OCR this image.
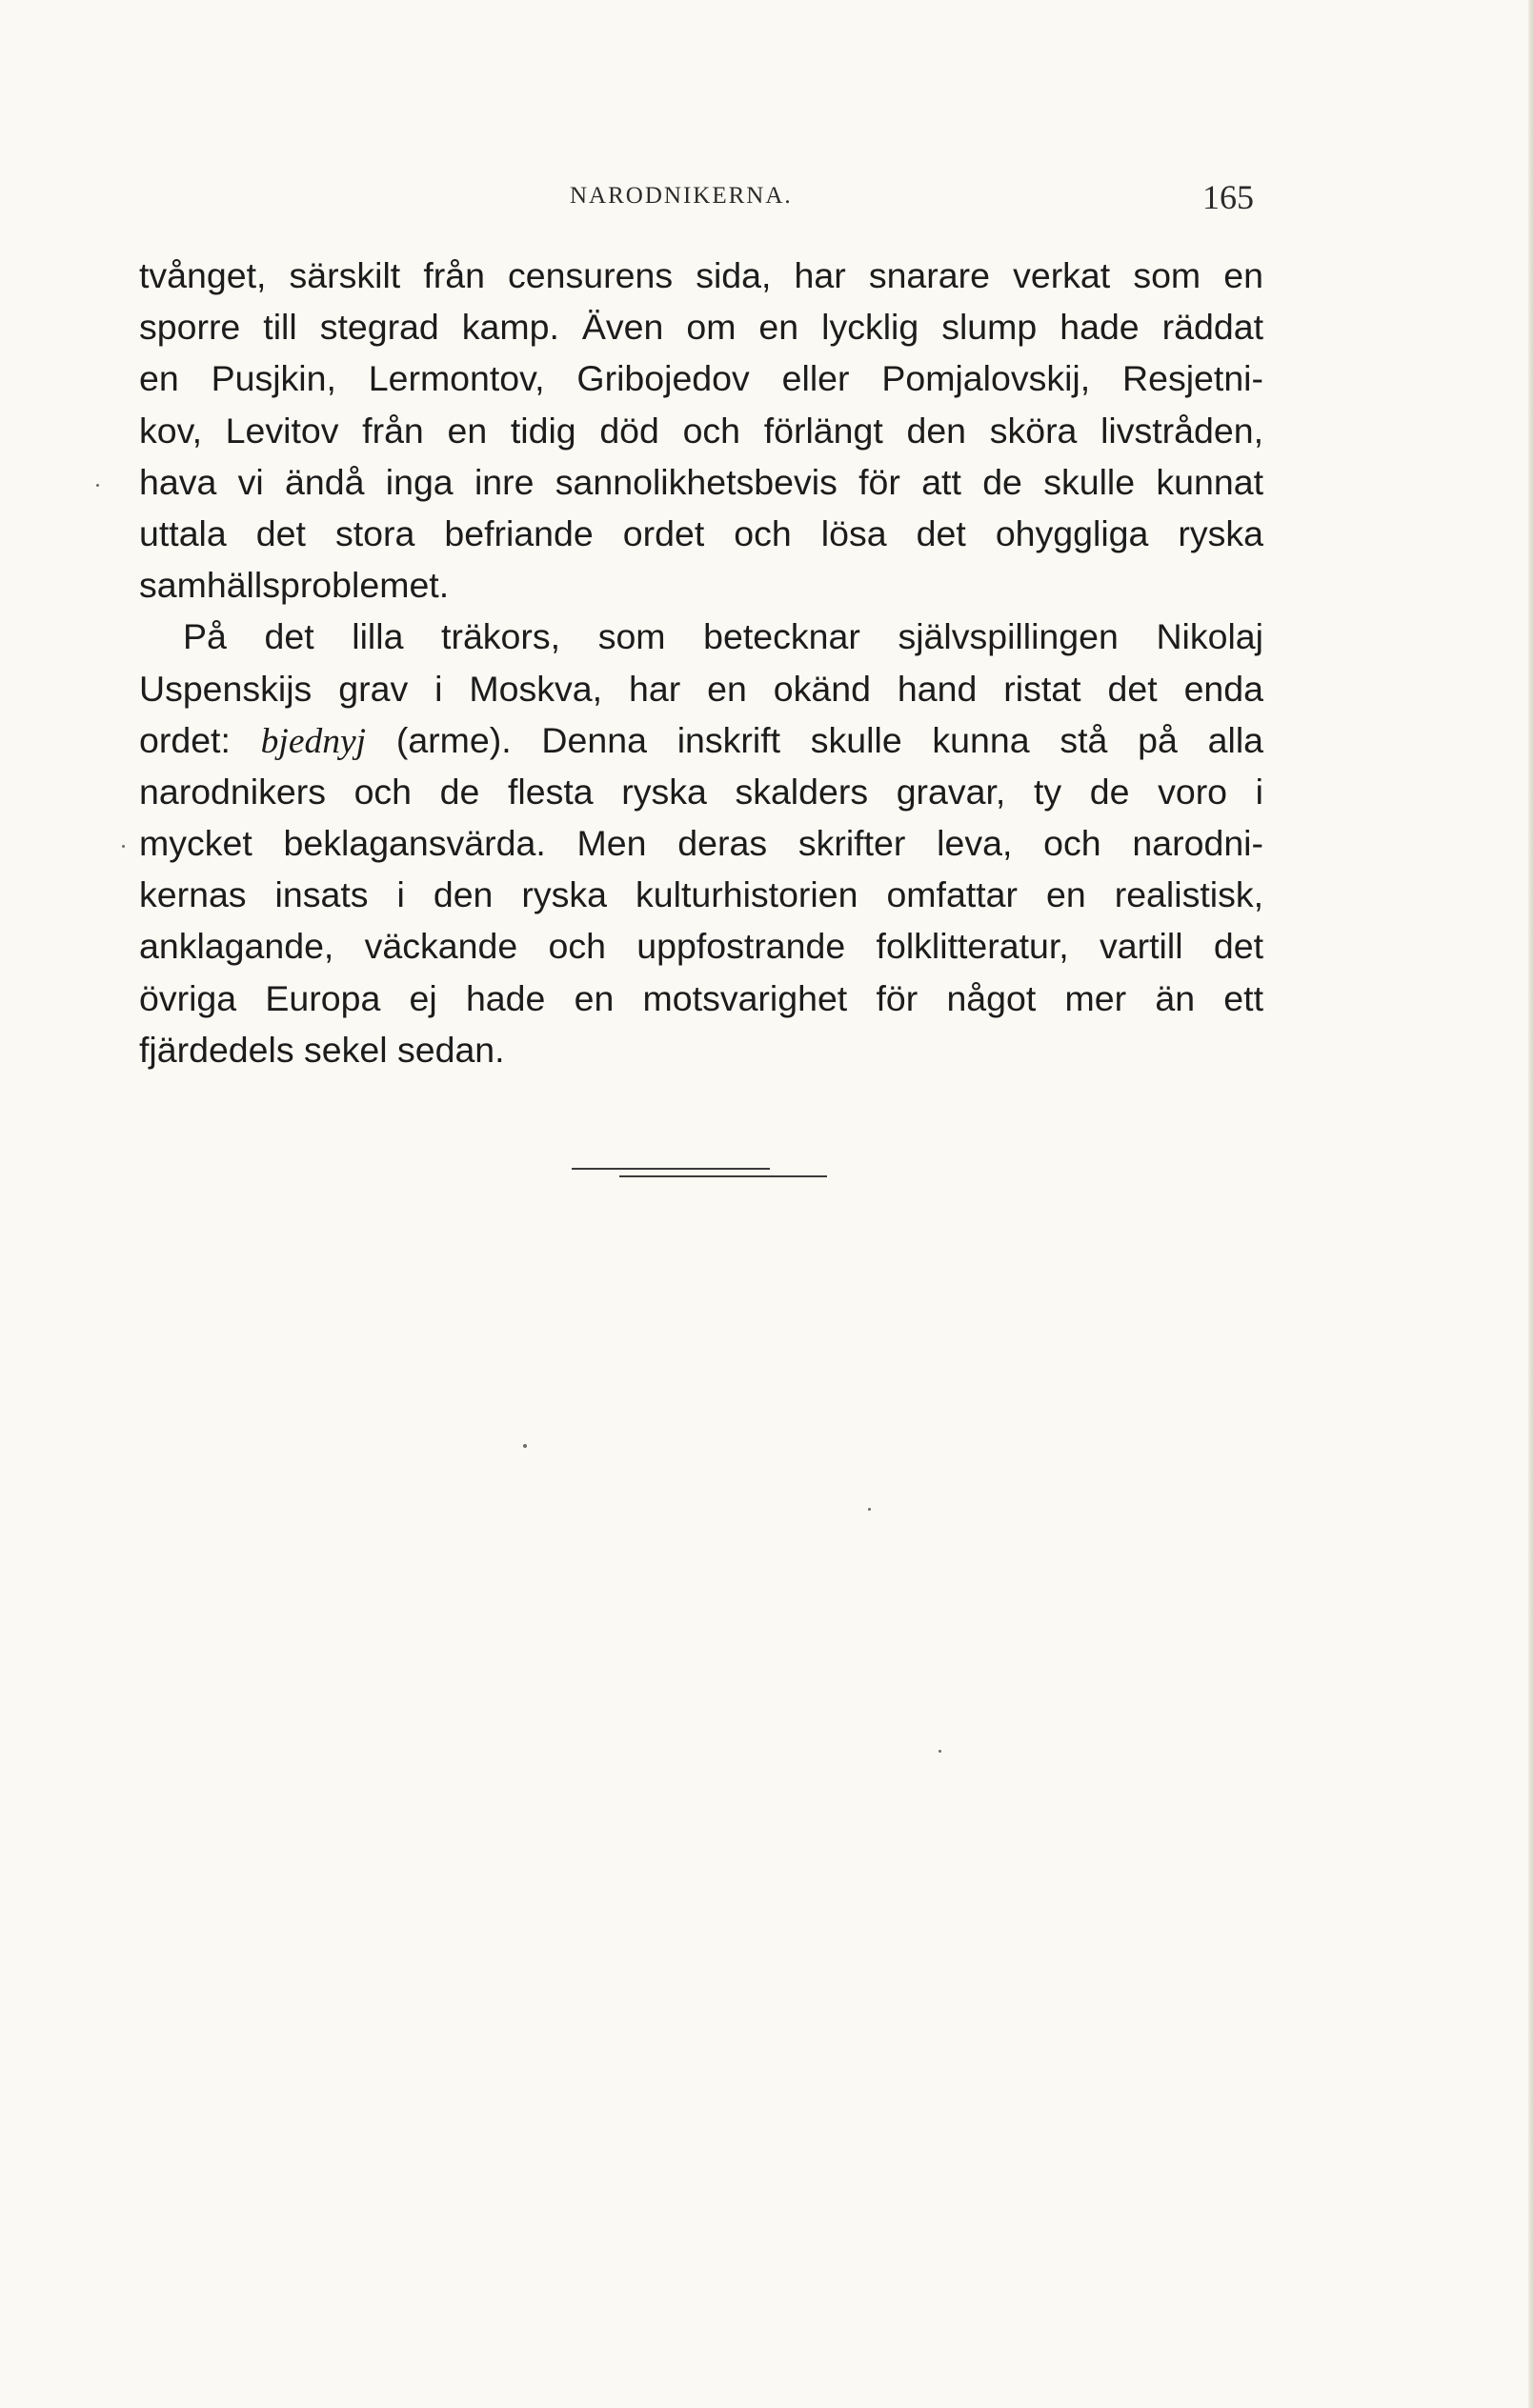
NARODNIKERNA.	165
tvånget, särskilt från censurens sida, har snarare verkat som en
sporre till stegrad kamp. Även om en lycklig slump hade räddat
en Pusjkin, Lermontov, Gribojedov eller Pomjalovskij, Resjetni-
kov, Levitov från en tidig död och förlängt den sköra livstråden,
hava vi ändå inga inre sannolikhetsbevis för att de skulle kunnat
uttala det stora befriande ordet och lösa det ohyggliga ryska
samhällsproblemet.
På det lilla träkors, som betecknar självspillingen Nikolaj
Uspenskijs grav i Moskva, har en okänd hand ristat det enda
ordet: bjednyj (arme). Denna inskrift skulle kunna stå på alla
narodnikers och de flesta ryska skalders gravar, ty de voro i
mycket beklagansvärda. Men deras skrifter leva, och narodni-
kernas insats i den ryska kulturhistorien omfattar en realistisk,
anklagande, väckande och uppfostrande folklitteratur, vartill det
övriga Europa ej hade en motsvarighet för något mer än ett
fjärdedels sekel sedan.
